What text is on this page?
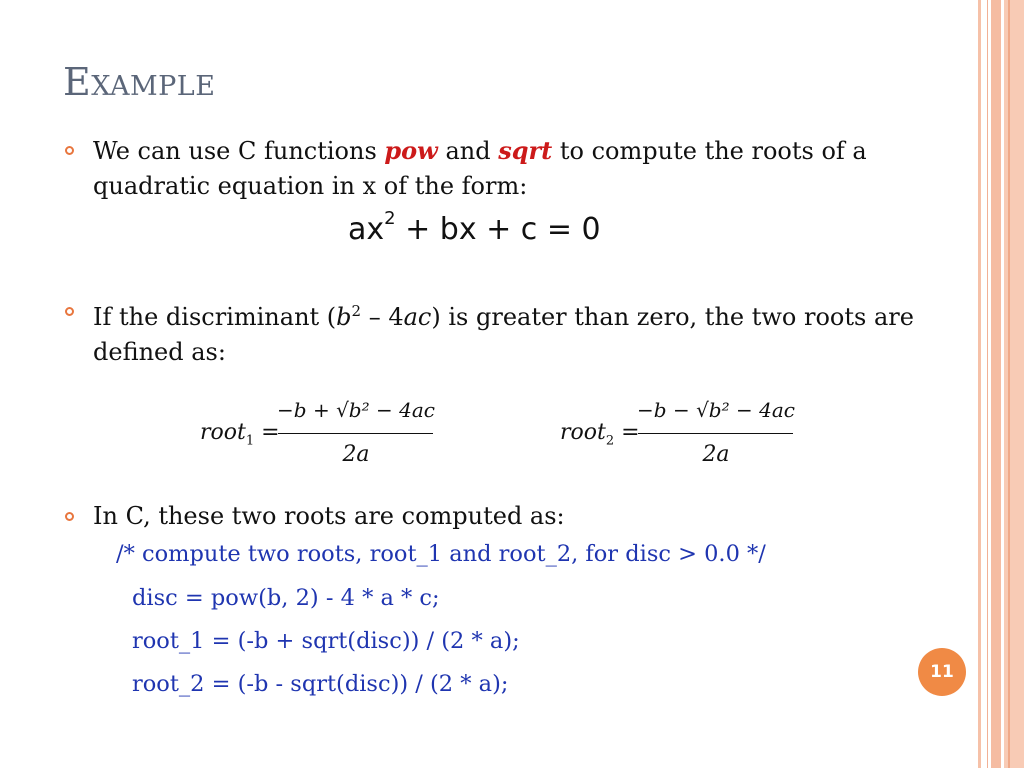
Example

We can use C functions pow and sqrt to compute the roots of a quadratic equation in x of the form:

$ax^2$ + bx + c = 0

If the discriminant $(b^2 - 4ac)$ is greater than zero, the two roots are defined as:

root$_1$ =
−b + √b² − 4ac
2a
root$_2$ =
−b − √b² − 4ac
2a

In C, these two roots are computed as:

/* compute two roots, root_1 and root_2, for disc > 0.0 */

disc = pow(b, 2) - 4 * a * c;

root_1 = (-b + sqrt(disc)) / (2 * a);

root_2 = (-b - sqrt(disc)) / (2 * a);	11
